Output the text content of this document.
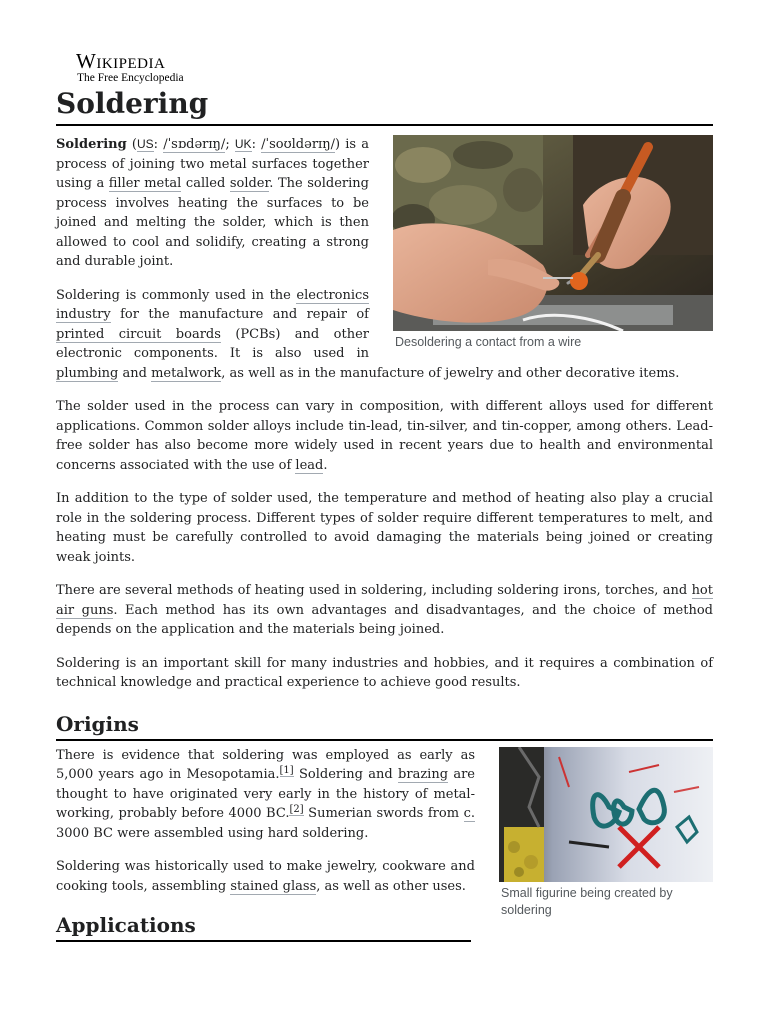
Wikipedia
The Free Encyclopedia
Soldering
Desoldering a contact from a wire

Soldering (US: /ˈsɒdərɪŋ/; UK: /ˈsoʊldərɪŋ/) is a process of joining two metal surfaces together using a filler metal called solder. The soldering process involves heating the surfaces to be joined and melting the solder, which is then allowed to cool and solidify, creating a strong and durable joint.

Soldering is commonly used in the electronics industry for the manufacture and repair of printed circuit boards (PCBs) and other electronic components. It is also used in plumbing and metalwork, as well as in the manufacture of jewelry and other decorative items.

The solder used in the process can vary in composition, with different alloys used for different applications. Common solder alloys include tin-lead, tin-silver, and tin-copper, among others. Lead-free solder has also become more widely used in recent years due to health and environmental concerns associated with the use of lead.

In addition to the type of solder used, the temperature and method of heating also play a crucial role in the soldering process. Different types of solder require different temperatures to melt, and heating must be carefully controlled to avoid damaging the materials being joined or creating weak joints.

There are several methods of heating used in soldering, including soldering irons, torches, and hot air guns. Each method has its own advantages and disadvantages, and the choice of method depends on the application and the materials being joined.

Soldering is an important skill for many industries and hobbies, and it requires a combination of technical knowledge and practical experience to achieve good results.

Origins
Small figurine being created by soldering

There is evidence that soldering was employed as early as 5,000 years ago in Mesopotamia.[1] Soldering and brazing are thought to have originated very early in the history of metal-working, probably before 4000 BC.[2] Sumerian swords from c. 3000 BC were assembled using hard soldering.

Soldering was historically used to make jewelry, cookware and cooking tools, assembling stained glass, as well as other uses.

Applications
